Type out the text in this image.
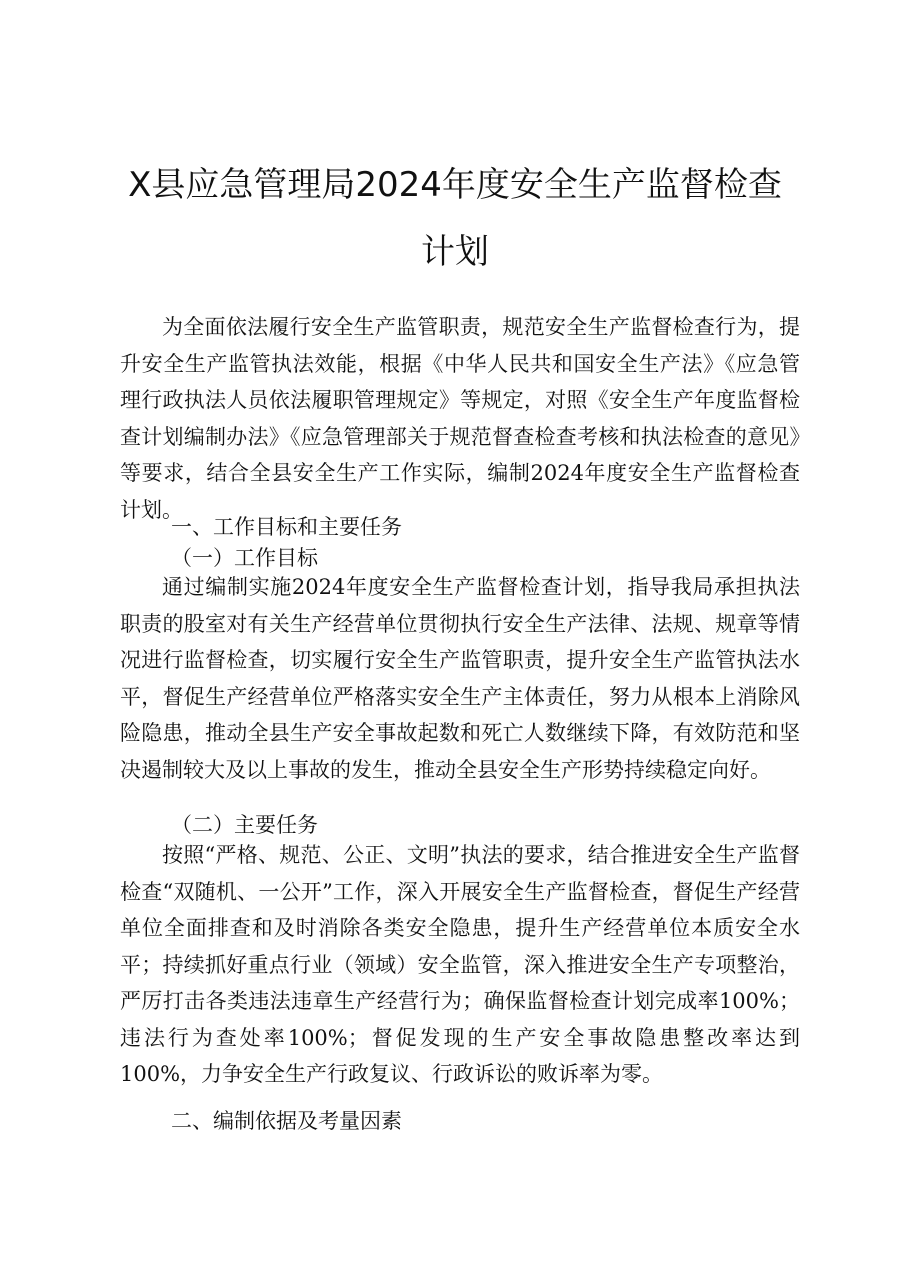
X县应急管理局2024年度安全生产监督检查
计划

为全面依法履行安全生产监管职责，规范安全生产监督检查行为，提升安全生产监管执法效能，根据《中华人民共和国安全生产法》《应急管理行政执法人员依法履职管理规定》等规定，对照《安全生产年度监督检查计划编制办法》《应急管理部关于规范督查检查考核和执法检查的意见》等要求，结合全县安全生产工作实际，编制2024年度安全生产监督检查计划。

一、工作目标和主要任务

（一）工作目标

通过编制实施2024年度安全生产监督检查计划，指导我局承担执法职责的股室对有关生产经营单位贯彻执行安全生产法律、法规、规章等情况进行监督检查，切实履行安全生产监管职责，提升安全生产监管执法水平，督促生产经营单位严格落实安全生产主体责任，努力从根本上消除风险隐患，推动全县生产安全事故起数和死亡人数继续下降，有效防范和坚决遏制较大及以上事故的发生，推动全县安全生产形势持续稳定向好。

（二）主要任务

按照“严格、规范、公正、文明”执法的要求，结合推进安全生产监督检查“双随机、一公开”工作，深入开展安全生产监督检查，督促生产经营单位全面排查和及时消除各类安全隐患，提升生产经营单位本质安全水平；持续抓好重点行业（领域）安全监管，深入推进安全生产专项整治，严厉打击各类违法违章生产经营行为；确保监督检查计划完成率100%；违法行为查处率100%；督促发现的生产安全事故隐患整改率达到100%，力争安全生产行政复议、行政诉讼的败诉率为零。

二、编制依据及考量因素
